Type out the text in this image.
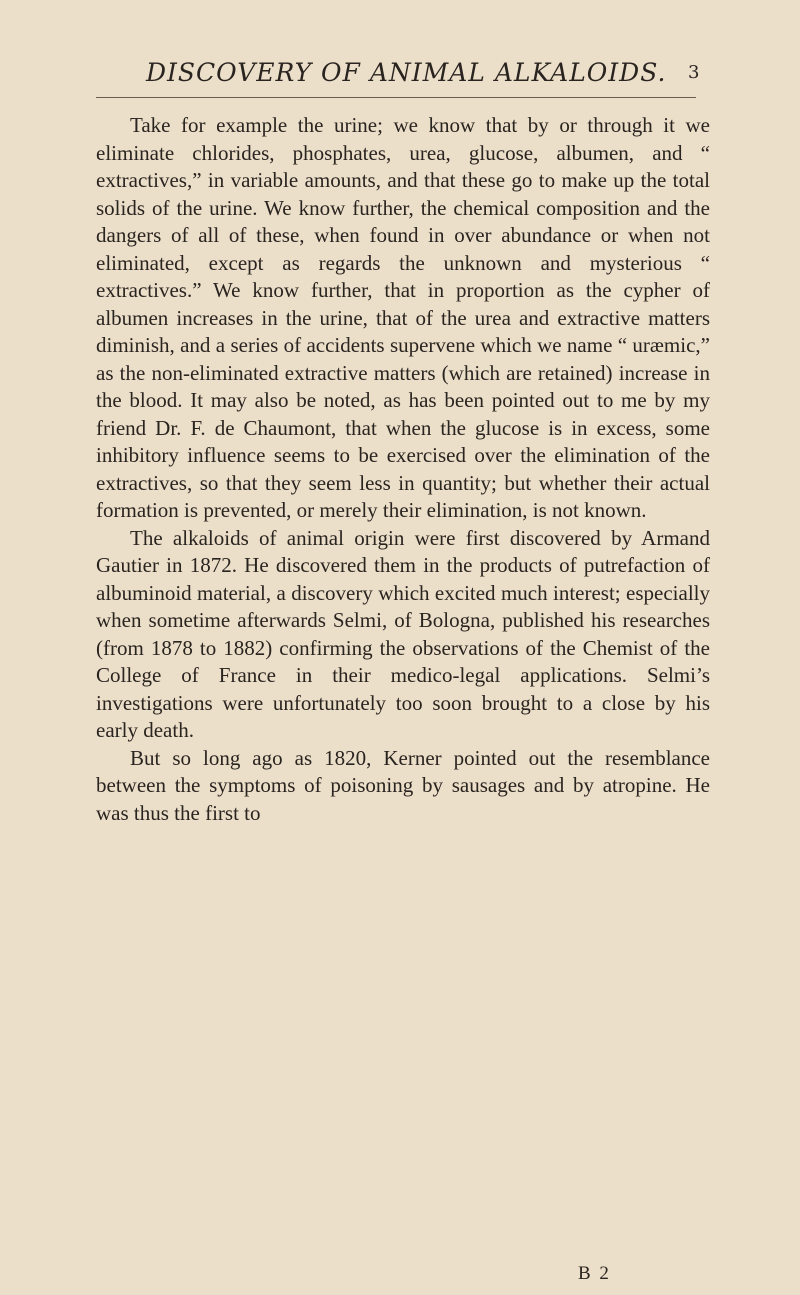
DISCOVERY OF ANIMAL ALKALOIDS. 3

Take for example the urine; we know that by or through it we eliminate chlorides, phosphates, urea, glucose, albumen, and “ extractives,” in variable amounts, and that these go to make up the total solids of the urine. We know further, the chemical composition and the dangers of all of these, when found in over abundance or when not eliminated, except as regards the unknown and mysterious “ extractives.” We know further, that in proportion as the cypher of albumen increases in the urine, that of the urea and extractive matters diminish, and a series of accidents supervene which we name “ uræmic,” as the non-eliminated extractive matters (which are retained) increase in the blood. It may also be noted, as has been pointed out to me by my friend Dr. F. de Chaumont, that when the glucose is in excess, some inhibitory influence seems to be exercised over the elimination of the extractives, so that they seem less in quantity; but whether their actual formation is prevented, or merely their elimination, is not known.

The alkaloids of animal origin were first discovered by Armand Gautier in 1872. He discovered them in the products of putrefaction of albuminoid material, a discovery which excited much interest; especially when sometime afterwards Selmi, of Bologna, published his researches (from 1878 to 1882) confirming the observations of the Chemist of the College of France in their medico-legal applications. Selmi’s investigations were unfortunately too soon brought to a close by his early death.

But so long ago as 1820, Kerner pointed out the resemblance between the symptoms of poisoning by sausages and by atropine. He was thus the first to

B 2
